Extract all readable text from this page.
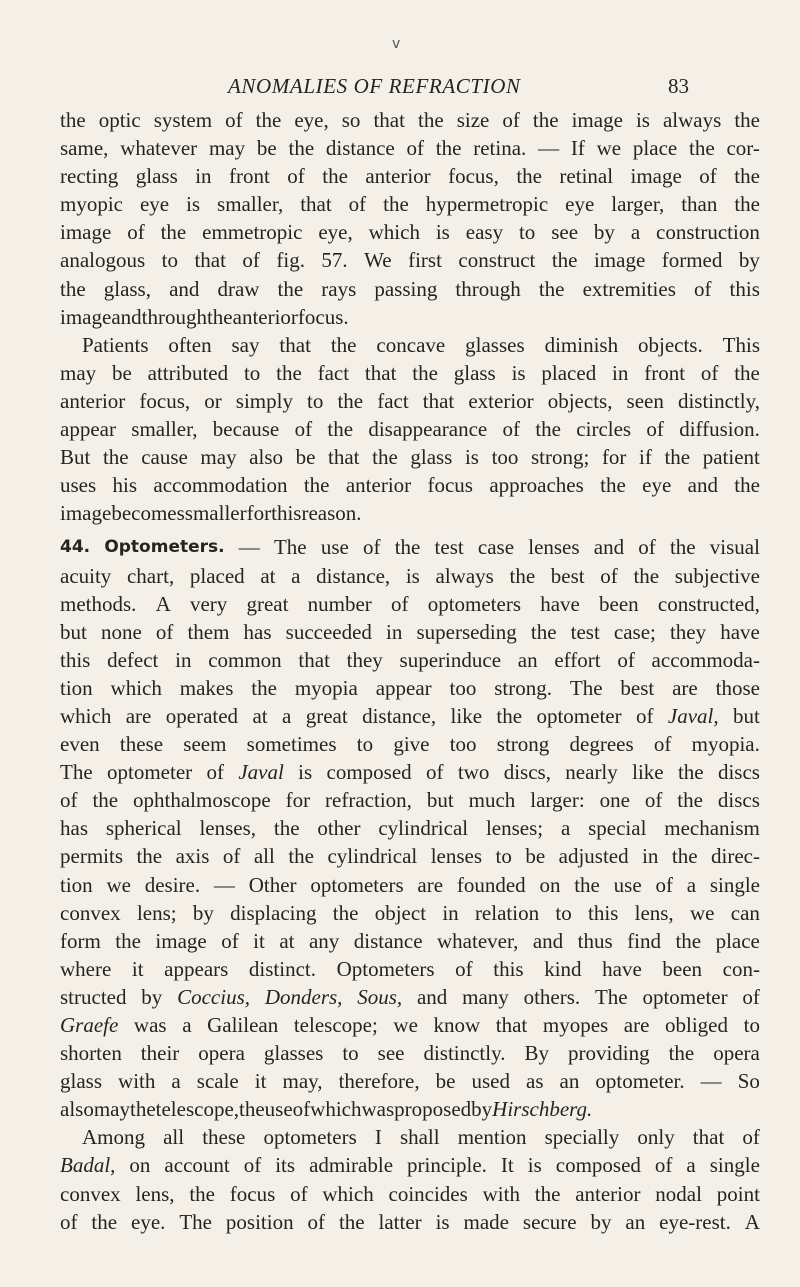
v
ANOMALIES OF REFRACTION	83
the optic system of the eye, so that the size of the image is always the
same, whatever may be the distance of the retina. — If we place the cor-
recting glass in front of the anterior focus, the retinal image of the
myopic eye is smaller, that of the hypermetropic eye larger, than the
image of the emmetropic eye, which is easy to see by a construction
analogous to that of fig. 57. We first construct the image formed by
the glass, and draw the rays passing through the extremities of this
image and through the anterior focus.
Patients often say that the concave glasses diminish objects. This
may be attributed to the fact that the glass is placed in front of the
anterior focus, or simply to the fact that exterior objects, seen distinctly,
appear smaller, because of the disappearance of the circles of diffusion.
But the cause may also be that the glass is too strong; for if the patient
uses his accommodation the anterior focus approaches the eye and the
image becomes smaller for this reason.
44. Optometers. — The use of the test case lenses and of the visual
acuity chart, placed at a distance, is always the best of the subjective
methods. A very great number of optometers have been constructed,
but none of them has succeeded in superseding the test case; they have
this defect in common that they superinduce an effort of accommoda-
tion which makes the myopia appear too strong. The best are those
which are operated at a great distance, like the optometer of Javal, but
even these seem sometimes to give too strong degrees of myopia.
The optometer of Javal is composed of two discs, nearly like the discs
of the ophthalmoscope for refraction, but much larger: one of the discs
has spherical lenses, the other cylindrical lenses; a special mechanism
permits the axis of all the cylindrical lenses to be adjusted in the direc-
tion we desire. — Other optometers are founded on the use of a single
convex lens; by displacing the object in relation to this lens, we can
form the image of it at any distance whatever, and thus find the place
where it appears distinct. Optometers of this kind have been con-
structed by Coccius, Donders, Sous, and many others. The optometer of
Graefe was a Galilean telescope; we know that myopes are obliged to
shorten their opera glasses to see distinctly. By providing the opera
glass with a scale it may, therefore, be used as an optometer. — So
also may the telescope, the use of which was proposed by Hirschberg.
Among all these optometers I shall mention specially only that of
Badal, on account of its admirable principle. It is composed of a single
convex lens, the focus of which coincides with the anterior nodal point
of the eye. The position of the latter is made secure by an eye-rest. A
